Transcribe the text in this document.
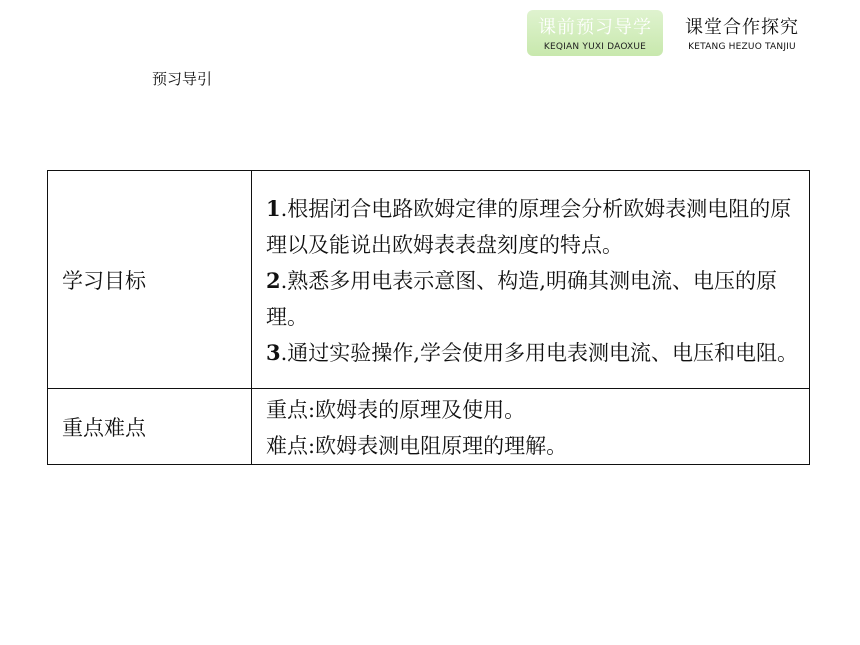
课前预习导学
KEQIAN YUXI DAOXUE
课堂合作探究
KETANG HEZUO TANJIU
预习导引
学习目标	1.根据闭合电路欧姆定律的原理会分析欧姆表测电阻的原理以及能说出欧姆表表盘刻度的特点。
2.熟悉多用电表示意图、构造,明确其测电流、电压的原理。
3.通过实验操作,学会使用多用电表测电流、电压和电阻。

重点难点	重点:欧姆表的原理及使用。
难点:欧姆表测电阻原理的理解。
